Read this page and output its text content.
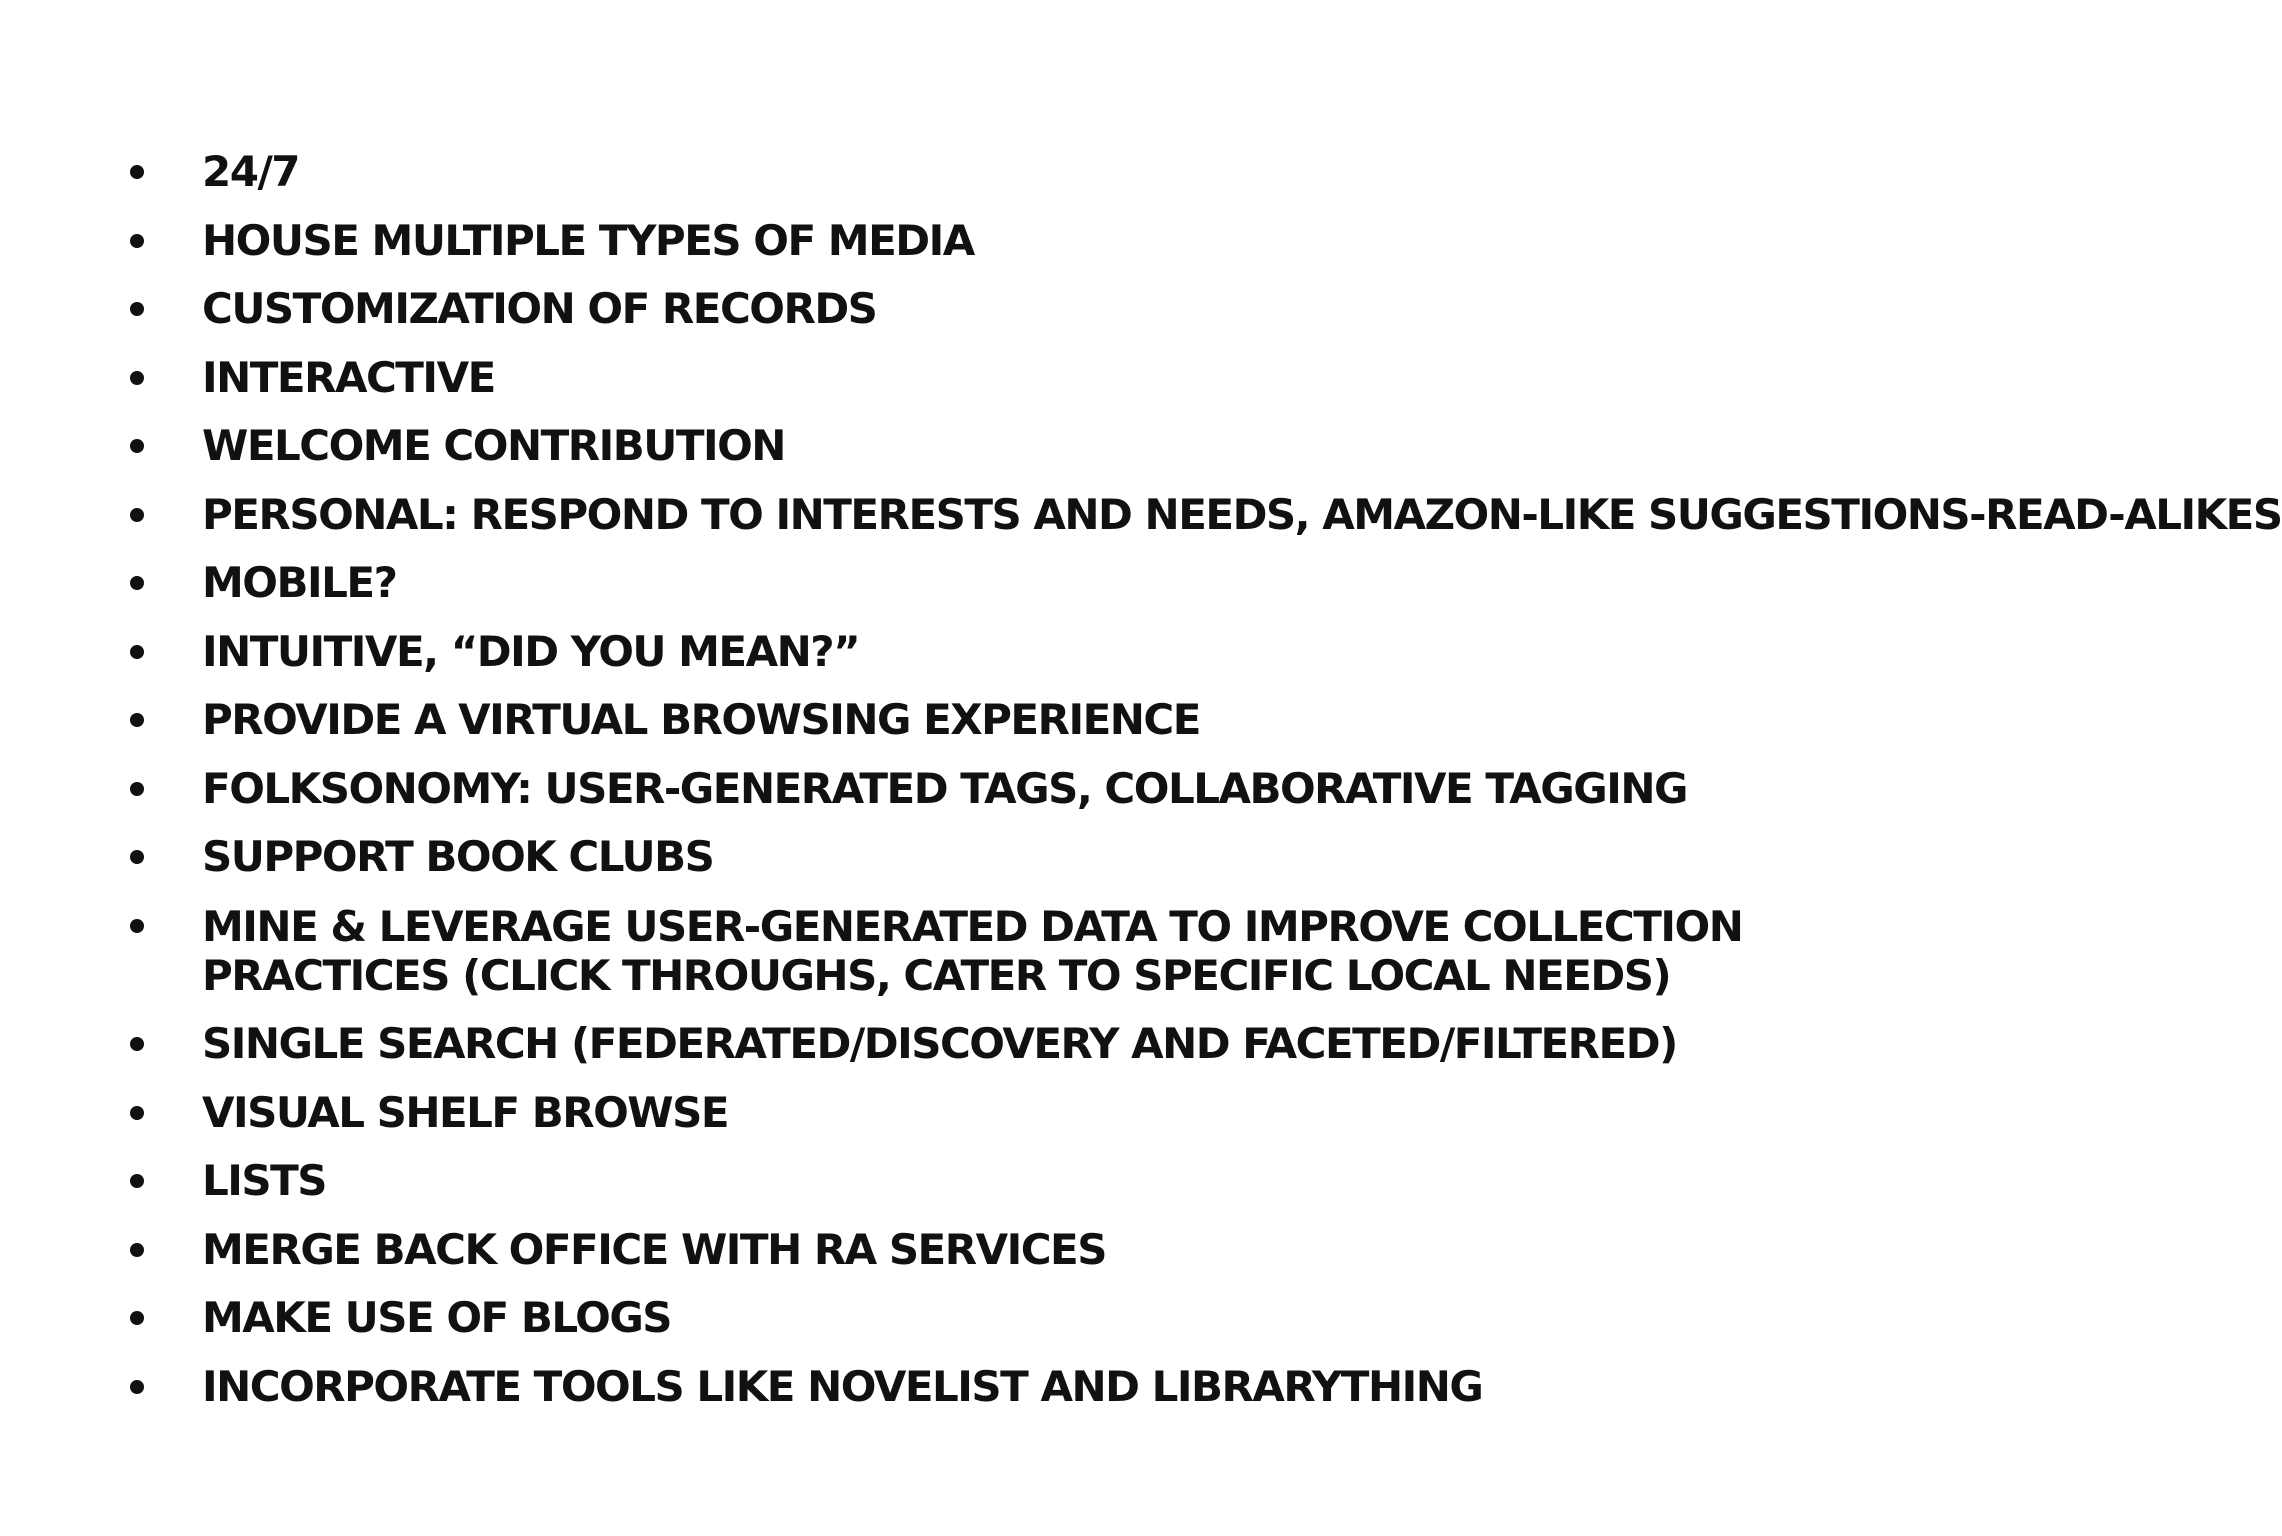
24/7
HOUSE MULTIPLE TYPES OF MEDIA
CUSTOMIZATION OF RECORDS
INTERACTIVE
WELCOME CONTRIBUTION
PERSONAL: RESPOND TO INTERESTS AND NEEDS, AMAZON-LIKE SUGGESTIONS-READ-ALIKES
MOBILE?
INTUITIVE, “DID YOU MEAN?”
PROVIDE A VIRTUAL BROWSING EXPERIENCE
FOLKSONOMY: USER-GENERATED TAGS, COLLABORATIVE TAGGING
SUPPORT BOOK CLUBS
MINE & LEVERAGE USER-GENERATED DATA TO IMPROVE COLLECTION PRACTICES (CLICK THROUGHS, CATER TO SPECIFIC LOCAL NEEDS)
SINGLE SEARCH (FEDERATED/DISCOVERY AND FACETED/FILTERED)
VISUAL SHELF BROWSE
LISTS
MERGE BACK OFFICE WITH RA SERVICES
MAKE USE OF BLOGS
INCORPORATE TOOLS LIKE NOVELIST AND LIBRARYTHING
